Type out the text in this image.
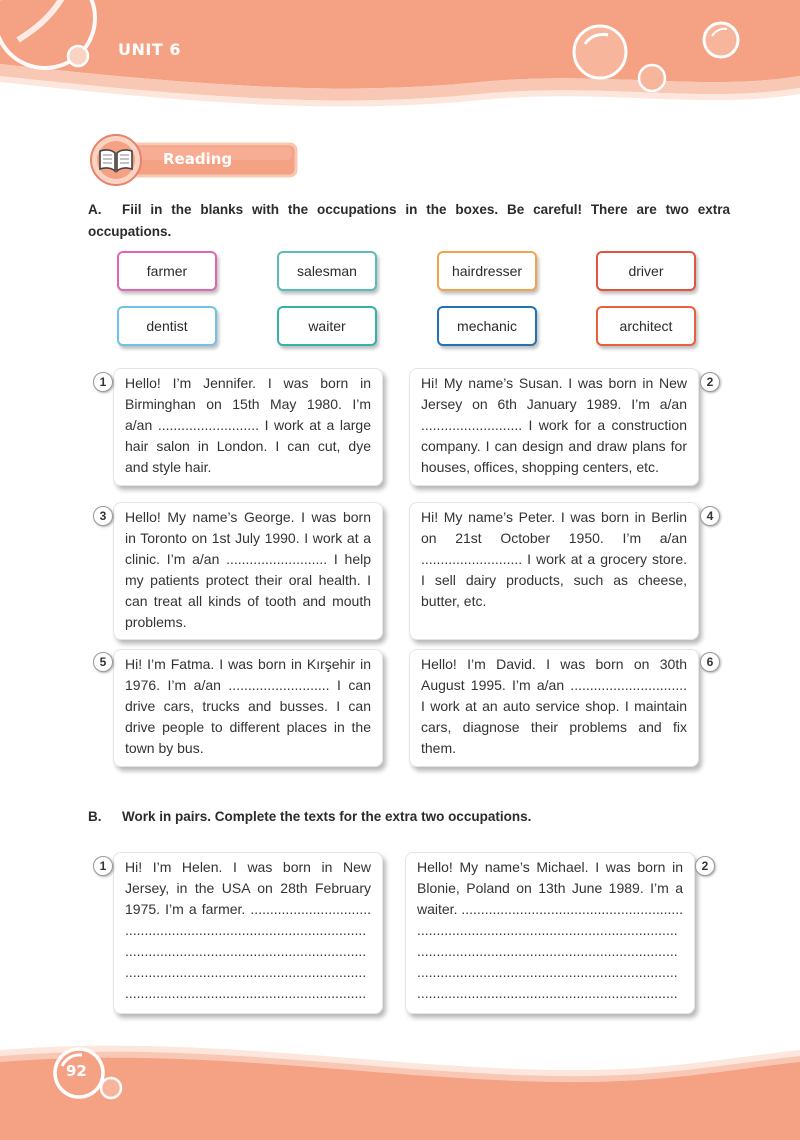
UNIT 6
Reading
A.	Fiil in the blanks with the occupations in the boxes. Be careful! There are two extra
occupations.
farmer	salesman	hairdresser	driver
dentist	waiter	mechanic	architect
Hello! I’m Jennifer. I was born in
Birminghan on 15th May 1980. I’m
a/an .......................... I work at a large
hair salon in London. I can cut, dye
and style hair.
1	Hi! My name’s Susan. I was born in New
Jersey on 6th January 1989. I’m a/an
.......................... I work for a construction
company. I can design and draw plans for
houses, offices, shopping centers, etc.
2
Hello! My name’s George. I was born
in Toronto on 1st July 1990. I work at a
clinic. I’m a/an .......................... I help
my patients protect their oral health. I
can treat all kinds of tooth and mouth
problems.
3	Hi! My name’s Peter. I was born in Berlin
on 21st October 1950. I’m a/an
.......................... I work at a grocery store.
I sell dairy products, such as cheese,
butter, etc.
4
Hi! I’m Fatma. I was born in Kırşehir in
1976. I’m a/an .......................... I can
drive cars, trucks and busses. I can
drive people to different places in the
town by bus.
5	Hello! I’m David. I was born on 30th
August 1995. I’m a/an ..............................
I work at an auto service shop. I maintain
cars, diagnose their problems and fix
them.
6
B. Work in pairs. Complete the texts for the extra two occupations.
Hi! I’m Helen. I was born in New
Jersey, in the USA on 28th February
1975. I’m a farmer. ...............................
..............................................................
..............................................................
..............................................................
..............................................................
1	Hello! My name’s Michael. I was born in
Blonie, Poland on 13th June 1989. I’m a
waiter. .........................................................
...................................................................
...................................................................
...................................................................
...................................................................
2
92
